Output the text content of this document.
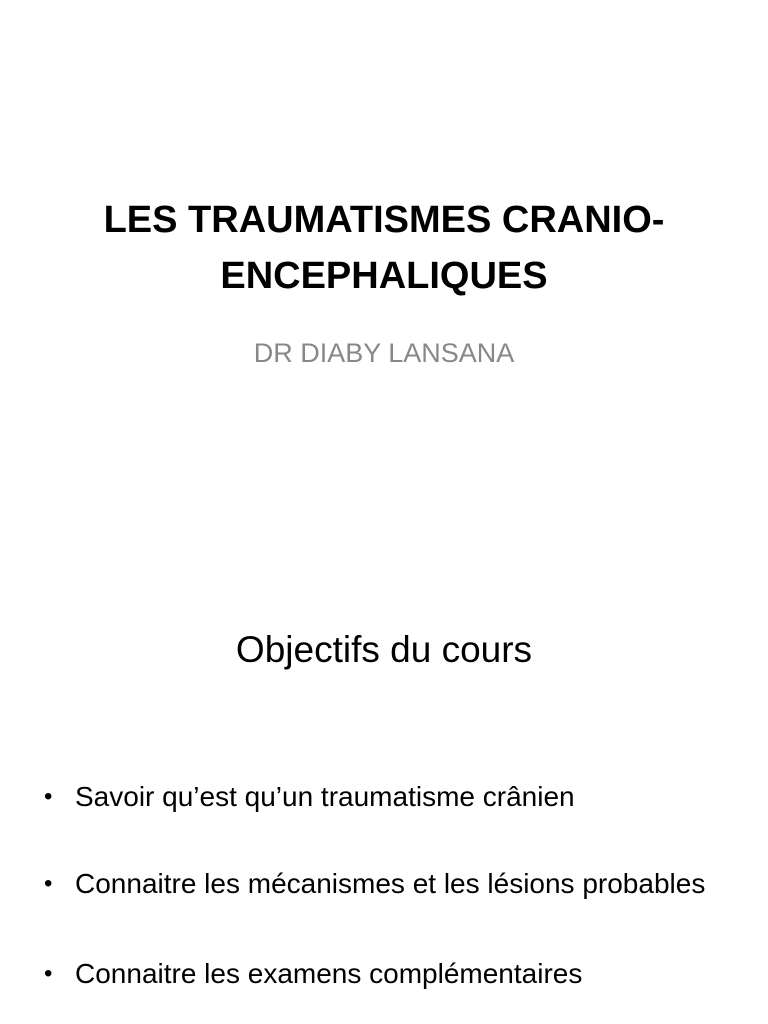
LES TRAUMATISMES CRANIO-ENCEPHALIQUES

DR DIABY LANSANA

Objectifs du cours
• Savoir qu’est qu’un traumatisme crânien
• Connaitre les mécanismes et les lésions probables
• Connaitre les examens complémentaires
